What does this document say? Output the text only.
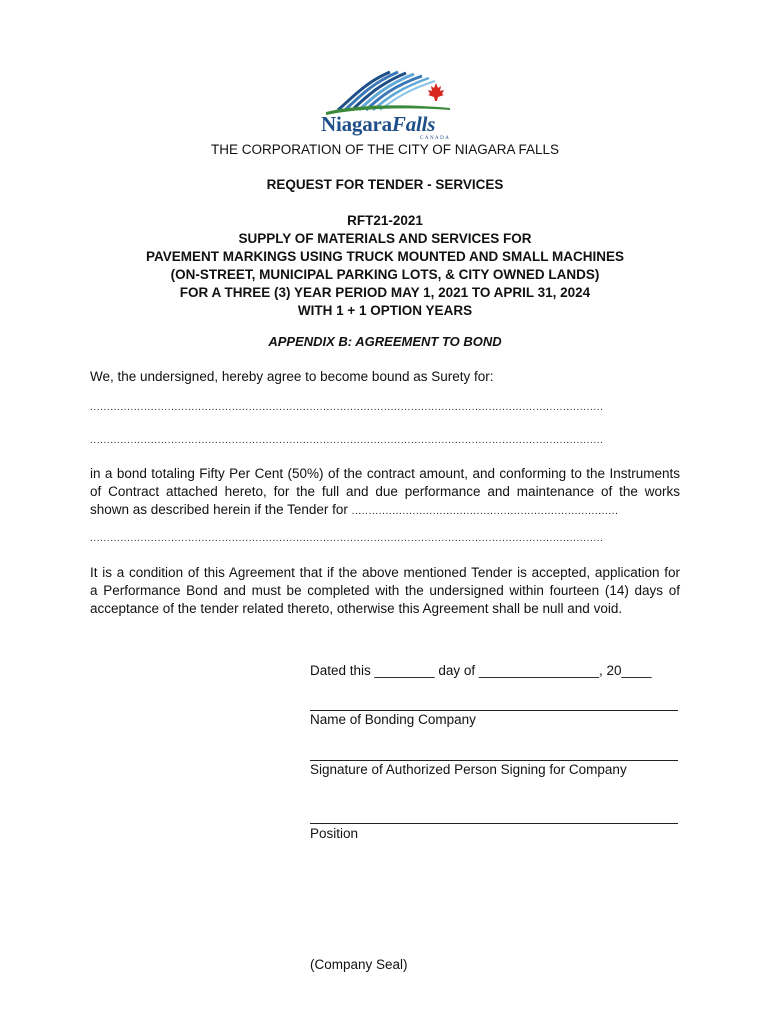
NiagaraFalls
CANADA
THE CORPORATION OF THE CITY OF NIAGARA FALLS
REQUEST FOR TENDER - SERVICES
RFT21-2021
SUPPLY OF MATERIALS AND SERVICES FOR
PAVEMENT MARKINGS USING TRUCK MOUNTED AND SMALL MACHINES
(ON-STREET, MUNICIPAL PARKING LOTS, & CITY OWNED LANDS)
FOR A THREE (3) YEAR PERIOD MAY 1, 2021 TO APRIL 31, 2024
WITH 1 + 1 OPTION YEARS
APPENDIX B: AGREEMENT TO BOND
We, the undersigned, hereby agree to become bound as Surety for:
........................................................................................................................................................
........................................................................................................................................................
in a bond totaling Fifty Per Cent (50%) of the contract amount, and conforming to the Instruments
of Contract attached hereto, for the full and due performance and maintenance of the works
shown as described herein if the Tender for ...............................................................................
........................................................................................................................................................
It is a condition of this Agreement that if the above mentioned Tender is accepted, application for
a Performance Bond and must be completed with the undersigned within fourteen (14) days of
acceptance of the tender related thereto, otherwise this Agreement shall be null and void.
Dated this ________ day of ________________, 20____
Name of Bonding Company
Signature of Authorized Person Signing for Company
Position
(Company Seal)
